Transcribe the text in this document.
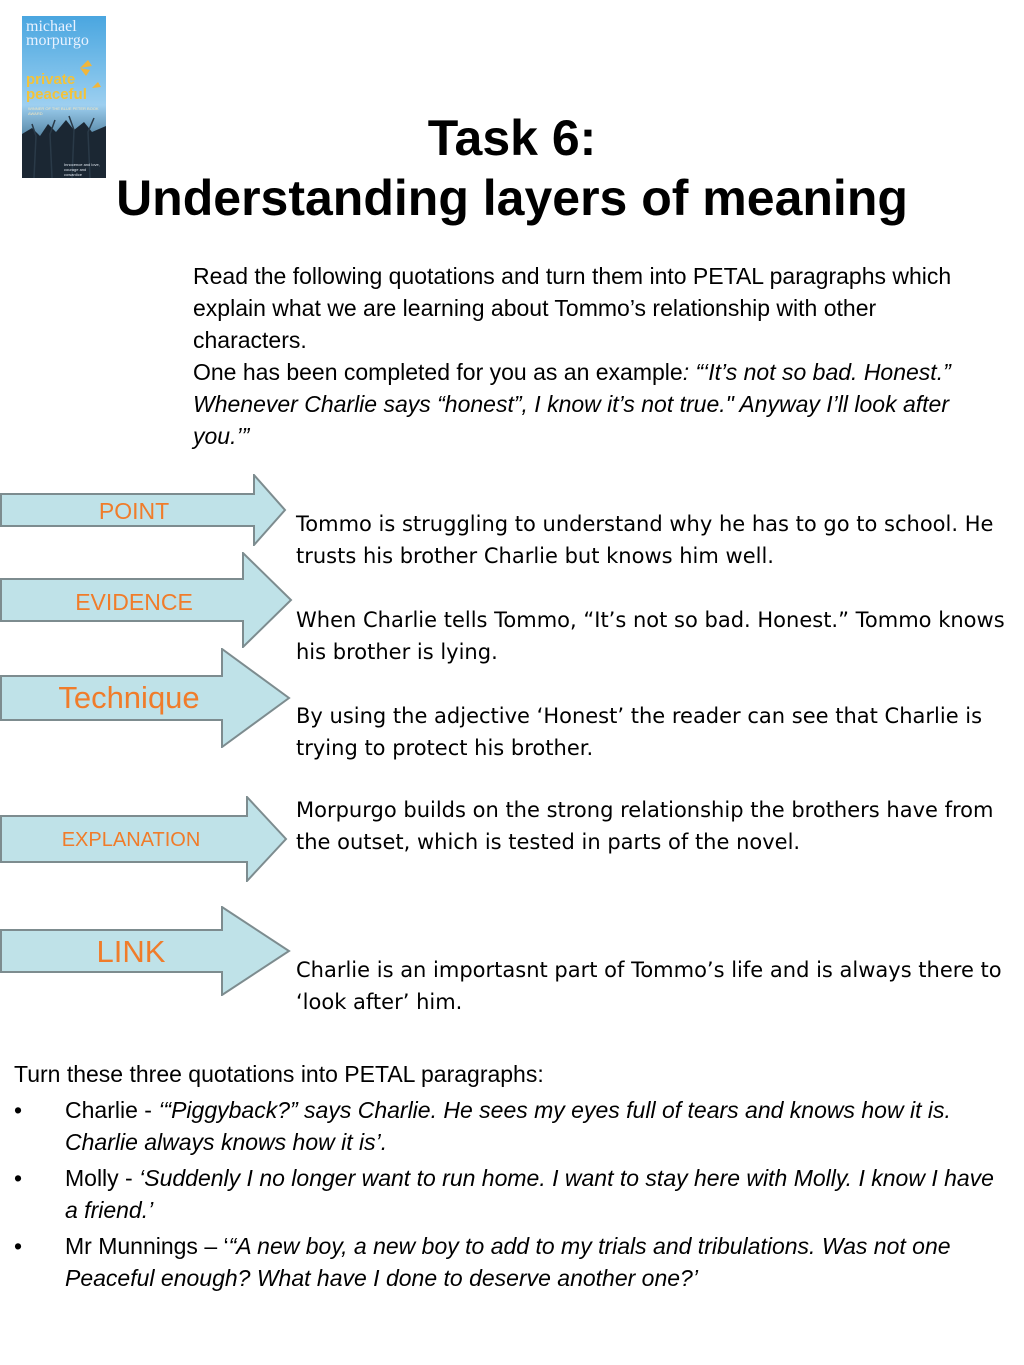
michael morpurgo
private peaceful
WINNER OF THE BLUE PETER BOOK AWARD
Innocence and love, courage and cowardice
Task 6:
Understanding layers of meaning

Read the following quotations and turn them into PETAL paragraphs which explain what we are learning about Tommo’s relationship with other characters.

One has been completed for you as an example: “‘It’s not so bad. Honest.” Whenever Charlie says “honest”, I know it’s not true." Anyway I’ll look after you.’”

POINT
EVIDENCE
Technique
EXPLANATION
LINK
Tommo is struggling to understand why he has to go to school. He trusts his brother Charlie but knows him well.
When Charlie tells Tommo, “It’s not so bad. Honest.” Tommo knows his brother is lying.
By using the adjective ‘Honest’ the reader can see that Charlie is trying to protect his brother.
Morpurgo builds on the strong relationship the brothers have from the outset, which is tested in parts of the novel.
Charlie is an importasnt part of Tommo’s life and is always there to ‘look after’ him.
Turn these three quotations into PETAL paragraphs:
• Charlie - ‘“Piggyback?” says Charlie. He sees my eyes full of tears and knows how it is. Charlie always knows how it is’.
• Molly - ‘Suddenly I no longer want to run home. I want to stay here with Molly. I know I have a friend.’
• Mr Munnings – ‘“A new boy, a new boy to add to my trials and tribulations. Was not one Peaceful enough? What have I done to deserve another one?’
